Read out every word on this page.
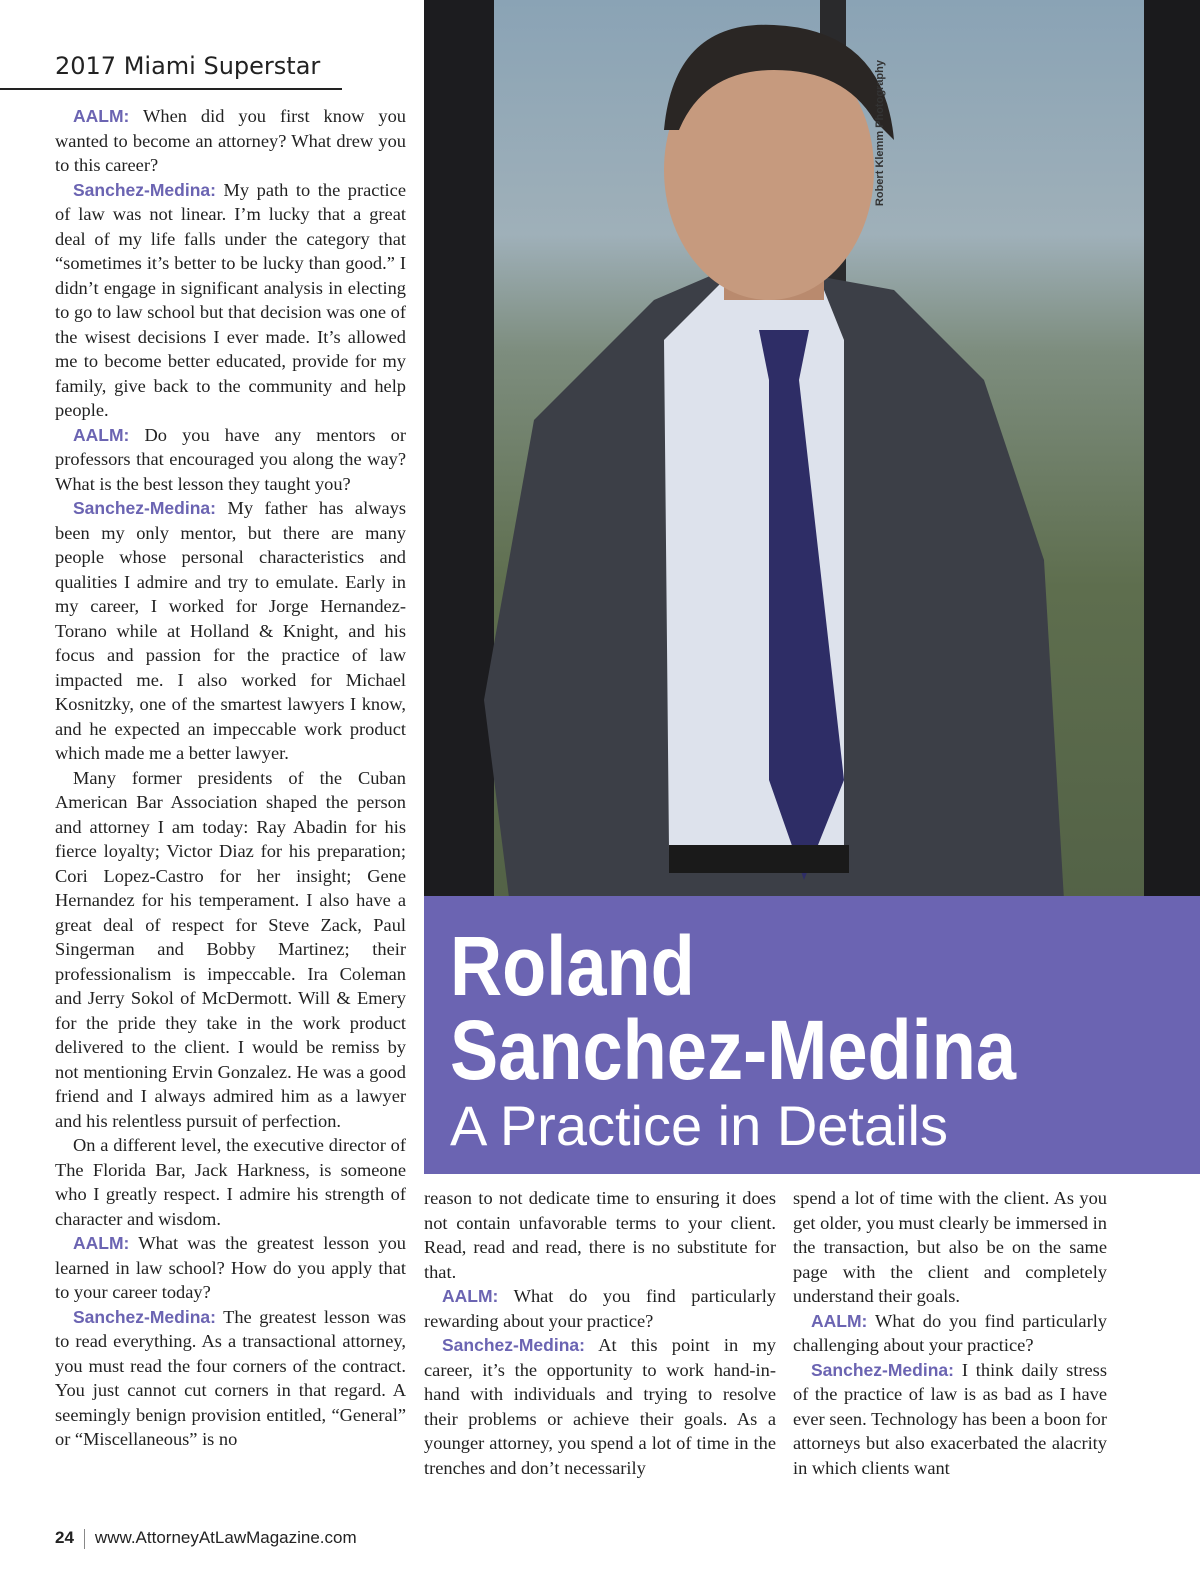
2017 Miami Superstar	Robert Klemm Photography
Roland
Sanchez-Medina
A Practice in Details

AALM: When did you first know you wanted to become an attorney? What drew you to this career?

Sanchez-Medina: My path to the practice of law was not linear. I’m lucky that a great deal of my life falls under the category that “sometimes it’s better to be lucky than good.” I didn’t engage in significant analysis in electing to go to law school but that decision was one of the wisest decisions I ever made. It’s allowed me to become better educated, provide for my family, give back to the community and help people.

AALM: Do you have any mentors or professors that encouraged you along the way? What is the best lesson they taught you?

Sanchez-Medina: My father has always been my only mentor, but there are many people whose personal characteristics and qualities I admire and try to emulate. Early in my career, I worked for Jorge Hernandez-Torano while at Holland & Knight, and his focus and passion for the practice of law impacted me. I also worked for Michael Kosnitzky, one of the smartest lawyers I know, and he expected an impeccable work product which made me a better lawyer.

Many former presidents of the Cuban American Bar Association shaped the person and attorney I am today: Ray Abadin for his fierce loyalty; Victor Diaz for his preparation; Cori Lopez-Castro for her insight; Gene Hernandez for his temperament. I also have a great deal of respect for Steve Zack, Paul Singerman and Bobby Martinez; their professionalism is impeccable. Ira Coleman and Jerry Sokol of McDermott. Will & Emery for the pride they take in the work product delivered to the client. I would be remiss by not mentioning Ervin Gonzalez. He was a good friend and I always admired him as a lawyer and his relentless pursuit of perfection.

On a different level, the executive director of The Florida Bar, Jack Harkness, is someone who I greatly respect. I admire his strength of character and wisdom.

AALM: What was the greatest lesson you learned in law school? How do you apply that to your career today?

Sanchez-Medina: The greatest lesson was to read everything. As a transactional attorney, you must read the four corners of the contract. You just cannot cut corners in that regard. A seemingly benign provision entitled, “General” or “Miscellaneous” is no

reason to not dedicate time to ensuring it does not contain unfavorable terms to your client. Read, read and read, there is no substitute for that.

AALM: What do you find particularly rewarding about your practice?

Sanchez-Medina: At this point in my career, it’s the opportunity to work hand-in-hand with individuals and trying to resolve their problems or achieve their goals. As a younger attorney, you spend a lot of time in the trenches and don’t necessarily

spend a lot of time with the client. As you get older, you must clearly be immersed in the transaction, but also be on the same page with the client and completely understand their goals.

AALM: What do you find particularly challenging about your practice?

Sanchez-Medina: I think daily stress of the practice of law is as bad as I have ever seen. Technology has been a boon for attorneys but also exacerbated the alacrity in which clients want

24 www.AttorneyAtLawMagazine.com
